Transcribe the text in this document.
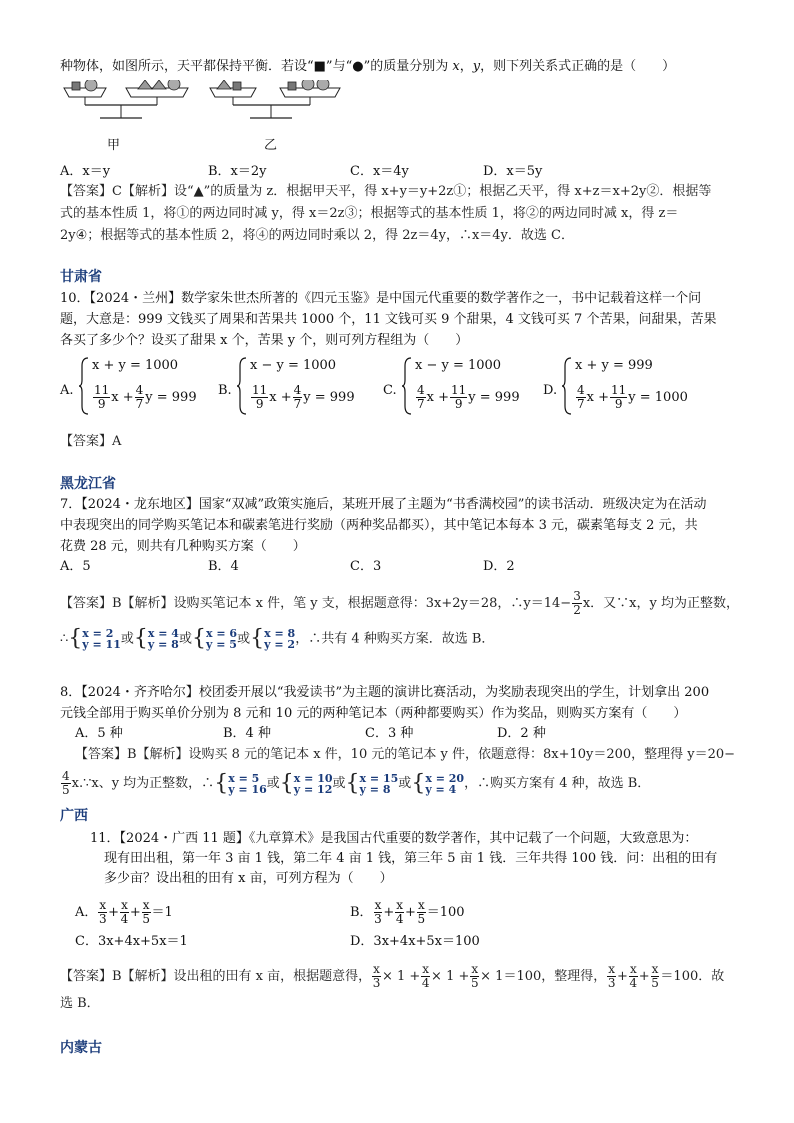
种物体，如图所示，天平都保持平衡．若设“■”与“●”的质量分别为 x，y，则下列关系式正确的是（　　）
甲	乙
A．x＝y	B．x＝2y	C．x＝4y	D．x＝5y
【答案】C【解析】设“▲”的质量为 z．根据甲天平，得 x+y＝y+2z①；根据乙天平，得 x+z＝x+2y②．根据等
式的基本性质 1，将①的两边同时减 y，得 x＝2z③；根据等式的基本性质 1，将②的两边同时减 x，得 z＝
2y④；根据等式的基本性质 2，将④的两边同时乘以 2，得 2z＝4y，∴x＝4y．故选 C．
甘肃省
10．【2024・兰州】数学家朱世杰所著的《四元玉鉴》是中国元代重要的数学著作之一，书中记载着这样一个问
题，大意是：999 文钱买了周果和苦果共 1000 个，11 文钱可买 9 个甜果，4 文钱可买 7 个苦果，问甜果，苦果
各买了多少个？设买了甜果 x 个，苦果 y 个，则可列方程组为（　　）
A.
x + y = 1000
$\frac{11}{9}$ $x + \frac{4}{7}$ y = 999 B.
x − y = 1000
$\frac{11}{9}$ $x + \frac{4}{7}$ y = 999 C.
x − y = 1000
$\frac{4}{7}$ $x + \frac{11}{9}$ y = 999 D.
x + y = 999
$\frac{4}{7}$ $x + \frac{11}{9}$ y = 1000
【答案】A
黑龙江省
7．【2024・龙东地区】国家“双减”政策实施后，某班开展了主题为“书香满校园”的读书活动．班级决定为在活动
中表现突出的同学购买笔记本和碳素笔进行奖励（两种奖品都买），其中笔记本每本 3 元，碳素笔每支 2 元，共
花费 28 元，则共有几种购买方案（　　）
A．5	B．4	C．3	D．2
【答案】B【解析】设购买笔记本 x 件，笔 y 支，根据题意得：3x+2y＝28，∴y＝14− $\frac{3}{2}$ x．又∵x，y 均为正整数，
∴{ x = 2
y = 11 或{ x = 4
y = 8 或{ x = 6
y = 5 或{ x = 8
y = 2 ，∴共有 4 种购买方案．故选 B．
8．【2024・齐齐哈尔】校团委开展以“我爱读书”为主题的演讲比赛活动，为奖励表现突出的学生，计划拿出 200
元钱全部用于购买单价分别为 8 元和 10 元的两种笔记本（两种都要购买）作为奖品，则购买方案有（　　）
A．5 种	B．4 种	C．3 种	D．2 种
【答案】B【解析】设购买 8 元的笔记本 x 件，10 元的笔记本 y 件，依题意得：8x+10y＝200，整理得 y＝20−
$\frac{4}{5}$ x.∵x、y 均为正整数，∴{ x = 5
y = 16 或{ x = 10
y = 12 或{ x = 15
y = 8 或{ x = 20
y = 4 ，∴购买方案有 4 种，故选 B．
广西
11．【2024・广西 11 题】《九章算术》是我国古代重要的数学著作，其中记载了一个问题，大致意思为：
现有田出租，第一年 3 亩 1 钱，第二年 4 亩 1 钱，第三年 5 亩 1 钱．三年共得 100 钱．问：出租的田有
多少亩？设出租的田有 x 亩，可列方程为（　　）
A． $\frac{x}{3} + \frac{x}{4} + \frac{x}{5} =1$	B． $\frac{x}{3} + \frac{x}{4} + \frac{x}{5} =100$
C．3x+4x+5x＝1	D．3x+4x+5x＝100
【答案】B【解析】设出租的田有 x 亩，根据题意得， $\frac{x}{3} \times 1 + \frac{x}{4} \times 1 + \frac{x}{5} \times 1=100$，整理得， $\frac{x}{3} + \frac{x}{4} + \frac{x}{5} =100$．故
选 B．
内蒙古
